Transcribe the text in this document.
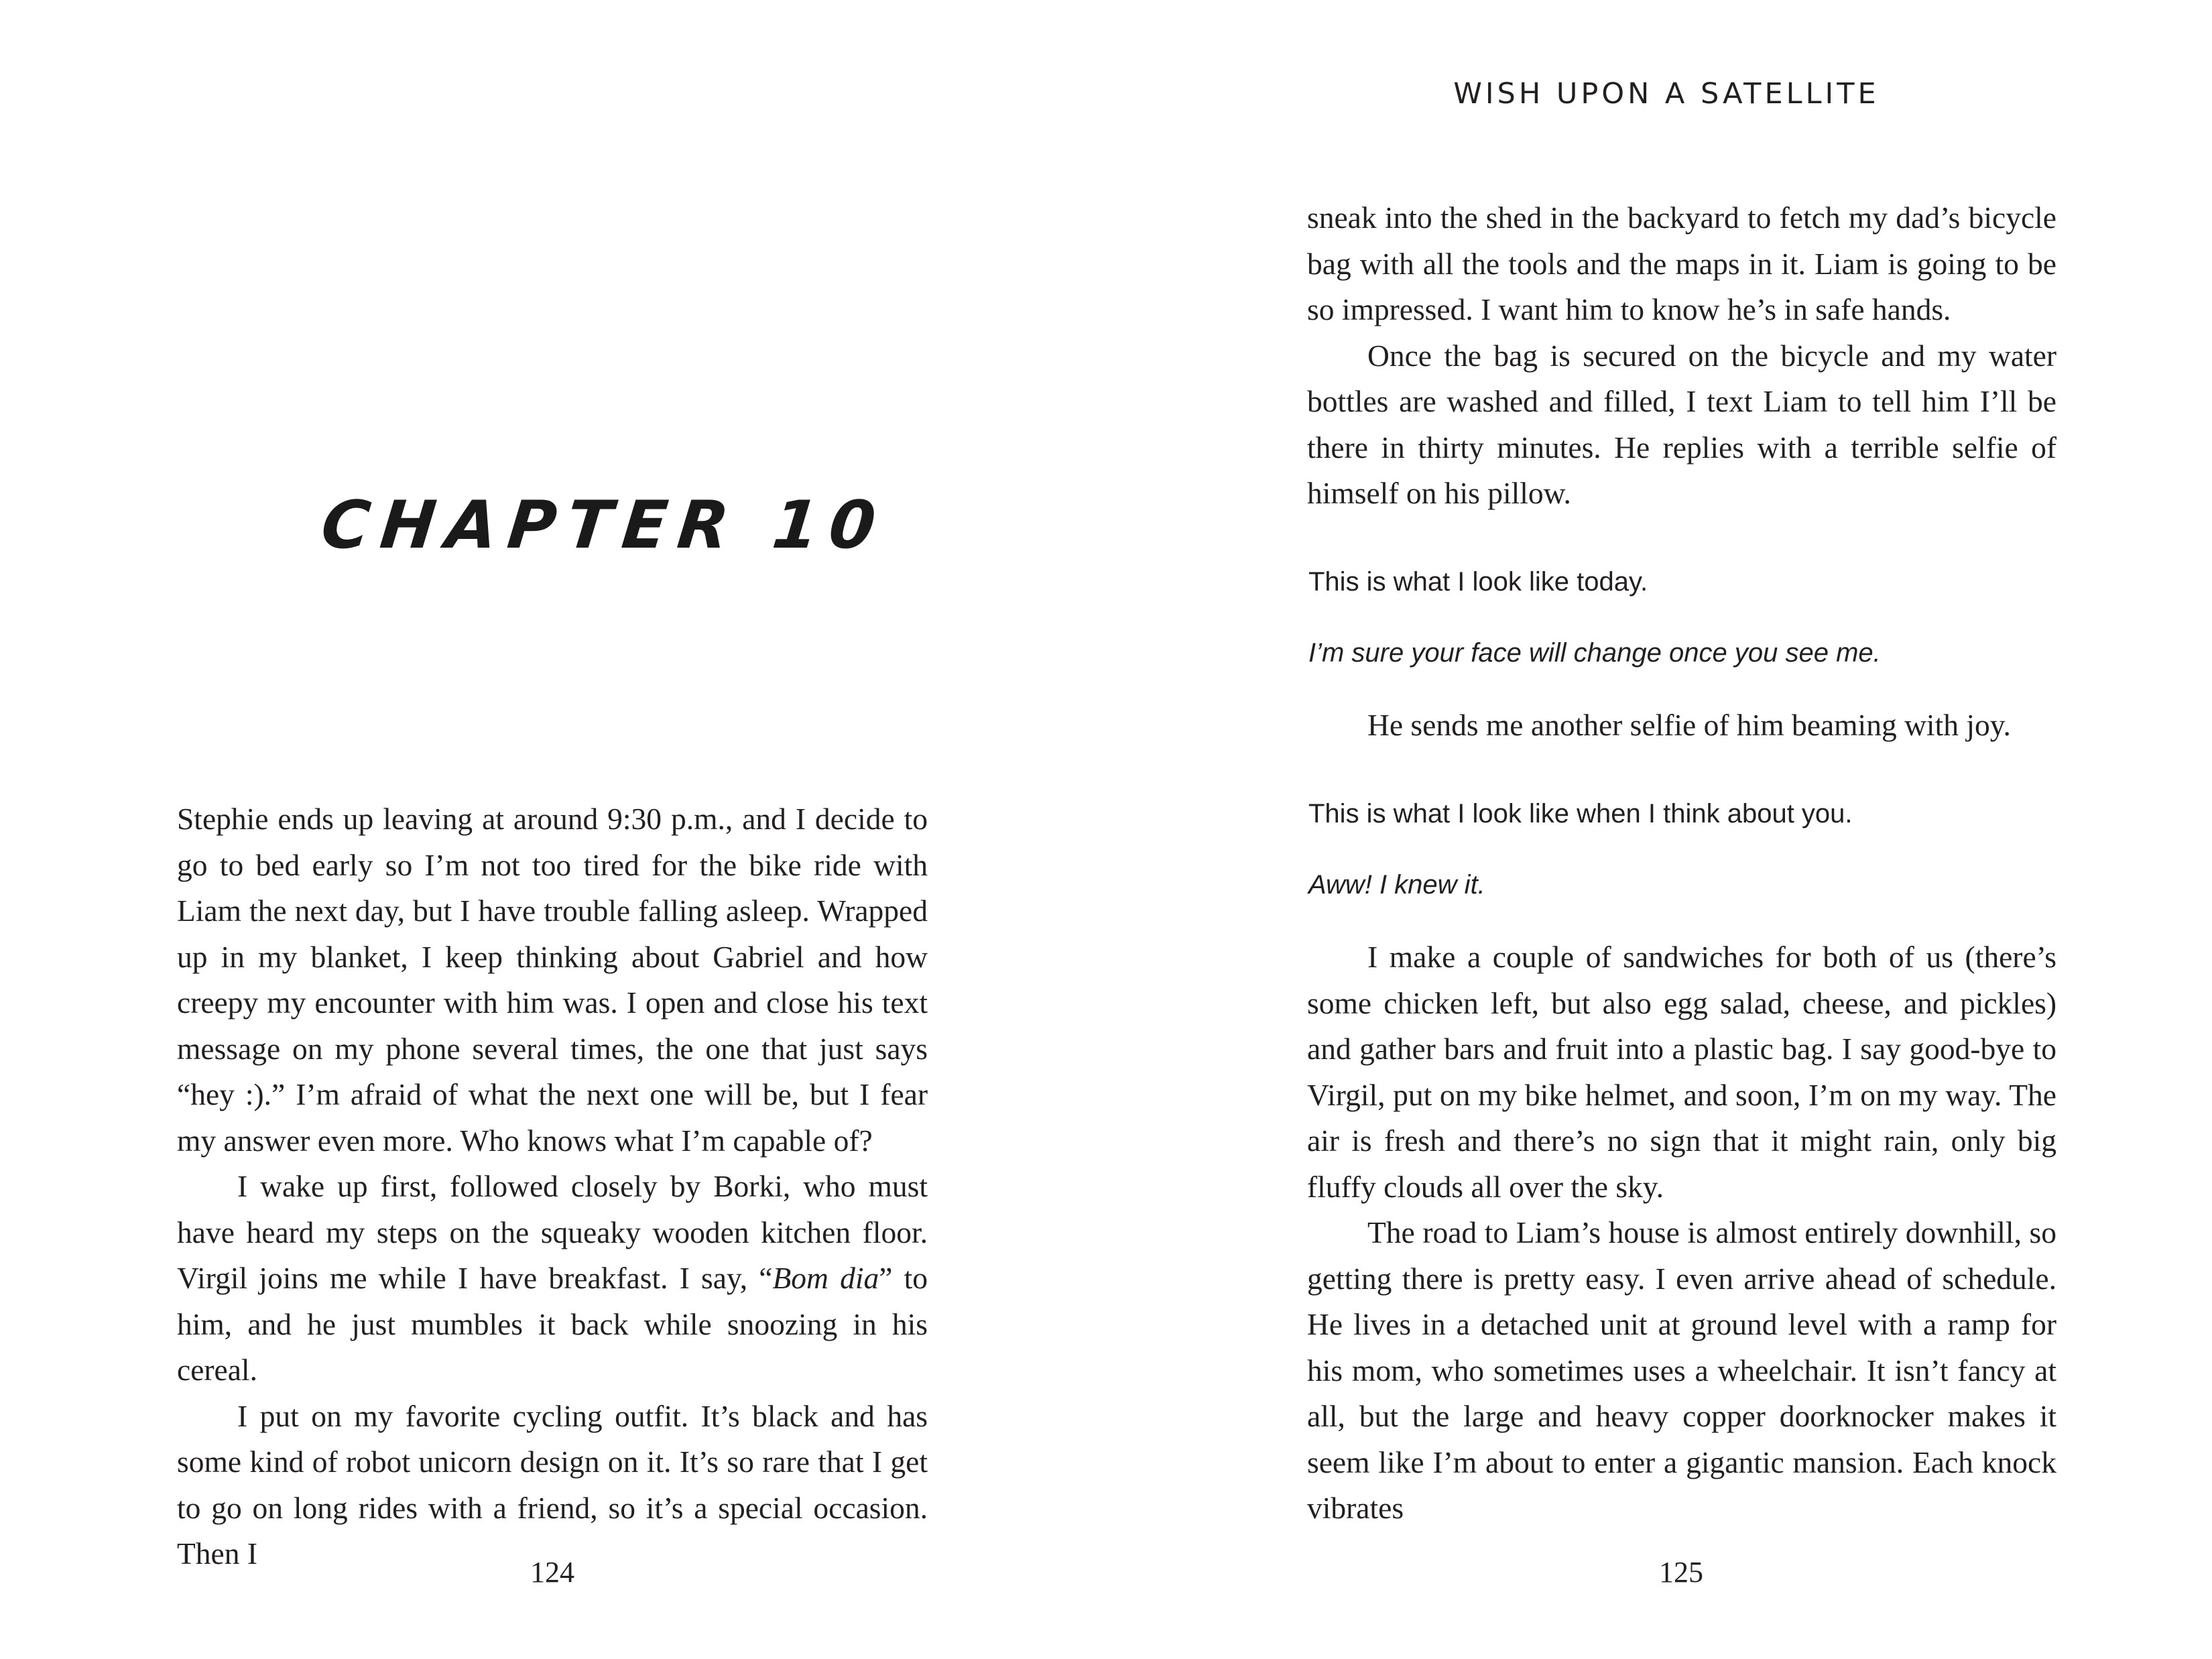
CHAPTER 10

Stephie ends up leaving at around 9:30 p.m., and I decide to go to bed early so I’m not too tired for the bike ride with Liam the next day, but I have trouble falling asleep. Wrapped up in my blanket, I keep thinking about Gabriel and how creepy my encounter with him was. I open and close his text message on my phone several times, the one that just says “hey :).” I’m afraid of what the next one will be, but I fear my answer even more. Who knows what I’m capable of?

I wake up first, followed closely by Borki, who must have heard my steps on the squeaky wooden kitchen floor. Virgil joins me while I have breakfast. I say, “Bom dia” to him, and he just mumbles it back while snoozing in his cereal.

I put on my favorite cycling outfit. It’s black and has some kind of robot unicorn design on it. It’s so rare that I get to go on long rides with a friend, so it’s a special occasion. Then I

124
WISH UPON A SATELLITE

sneak into the shed in the backyard to fetch my dad’s bicycle bag with all the tools and the maps in it. Liam is going to be so impressed. I want him to know he’s in safe hands.

Once the bag is secured on the bicycle and my water bottles are washed and filled, I text Liam to tell him I’ll be there in thirty minutes. He replies with a terrible selfie of himself on his pillow.

This is what I look like today.
I’m sure your face will change once you see me.

He sends me another selfie of him beaming with joy.

This is what I look like when I think about you.
Aww! I knew it.

I make a couple of sandwiches for both of us (there’s some chicken left, but also egg salad, cheese, and pickles) and gather bars and fruit into a plastic bag. I say good-bye to Virgil, put on my bike helmet, and soon, I’m on my way. The air is fresh and there’s no sign that it might rain, only big fluffy clouds all over the sky.

The road to Liam’s house is almost entirely downhill, so getting there is pretty easy. I even arrive ahead of schedule. He lives in a detached unit at ground level with a ramp for his mom, who sometimes uses a wheelchair. It isn’t fancy at all, but the large and heavy copper doorknocker makes it seem like I’m about to enter a gigantic mansion. Each knock vibrates

125
